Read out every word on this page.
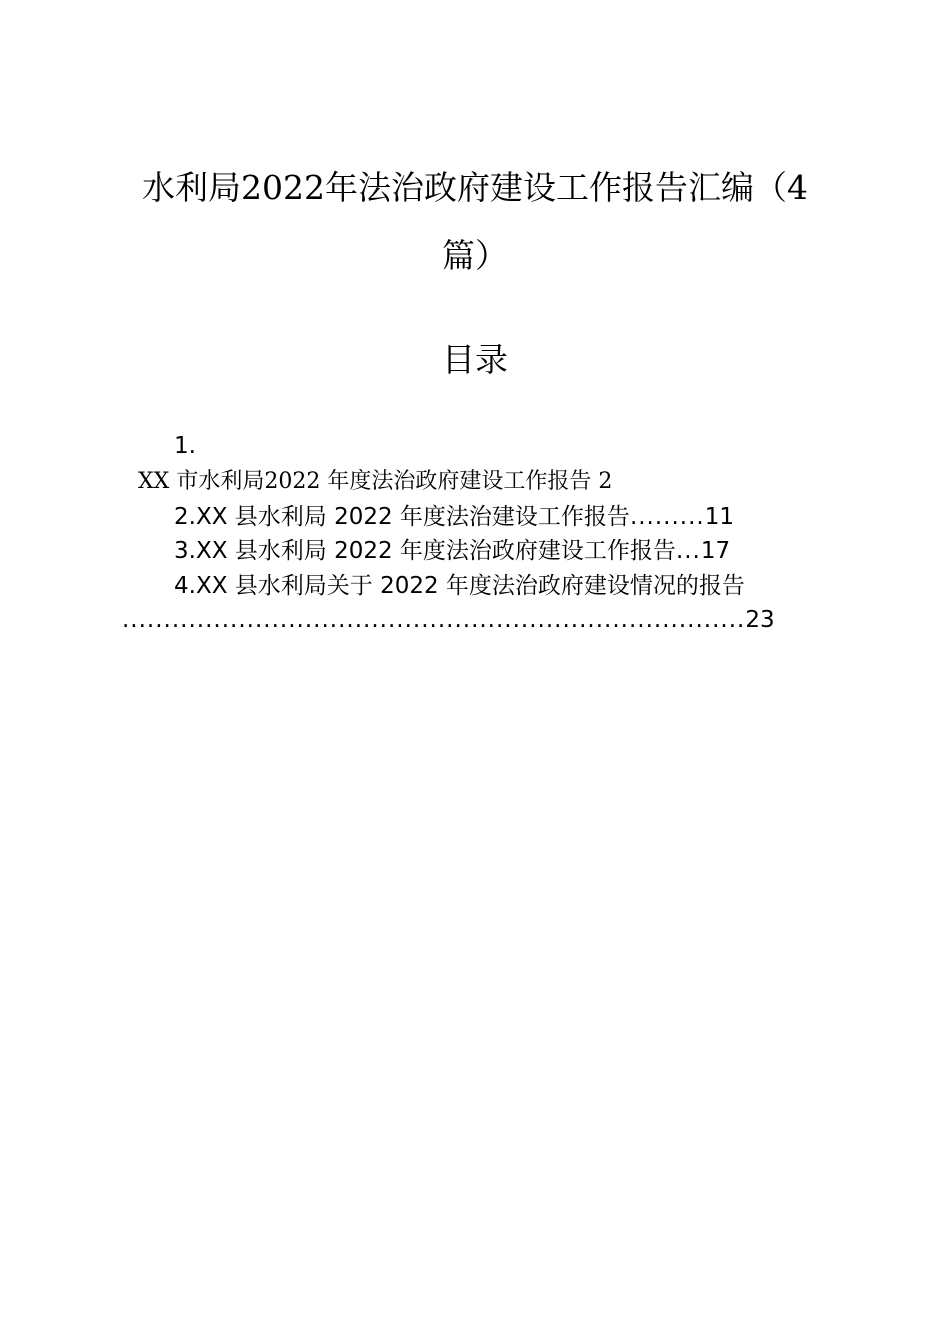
水利局2022年法治政府建设工作报告汇编（4
篇）
目录
1.
XX 市水利局2022 年度法治政府建设工作报告 2
2.XX 县水利局 2022 年度法治建设工作报告.........11
3.XX 县水利局 2022 年度法治政府建设工作报告...17
4.XX 县水利局关于 2022 年度法治政府建设情况的报告
...........................................................................23
